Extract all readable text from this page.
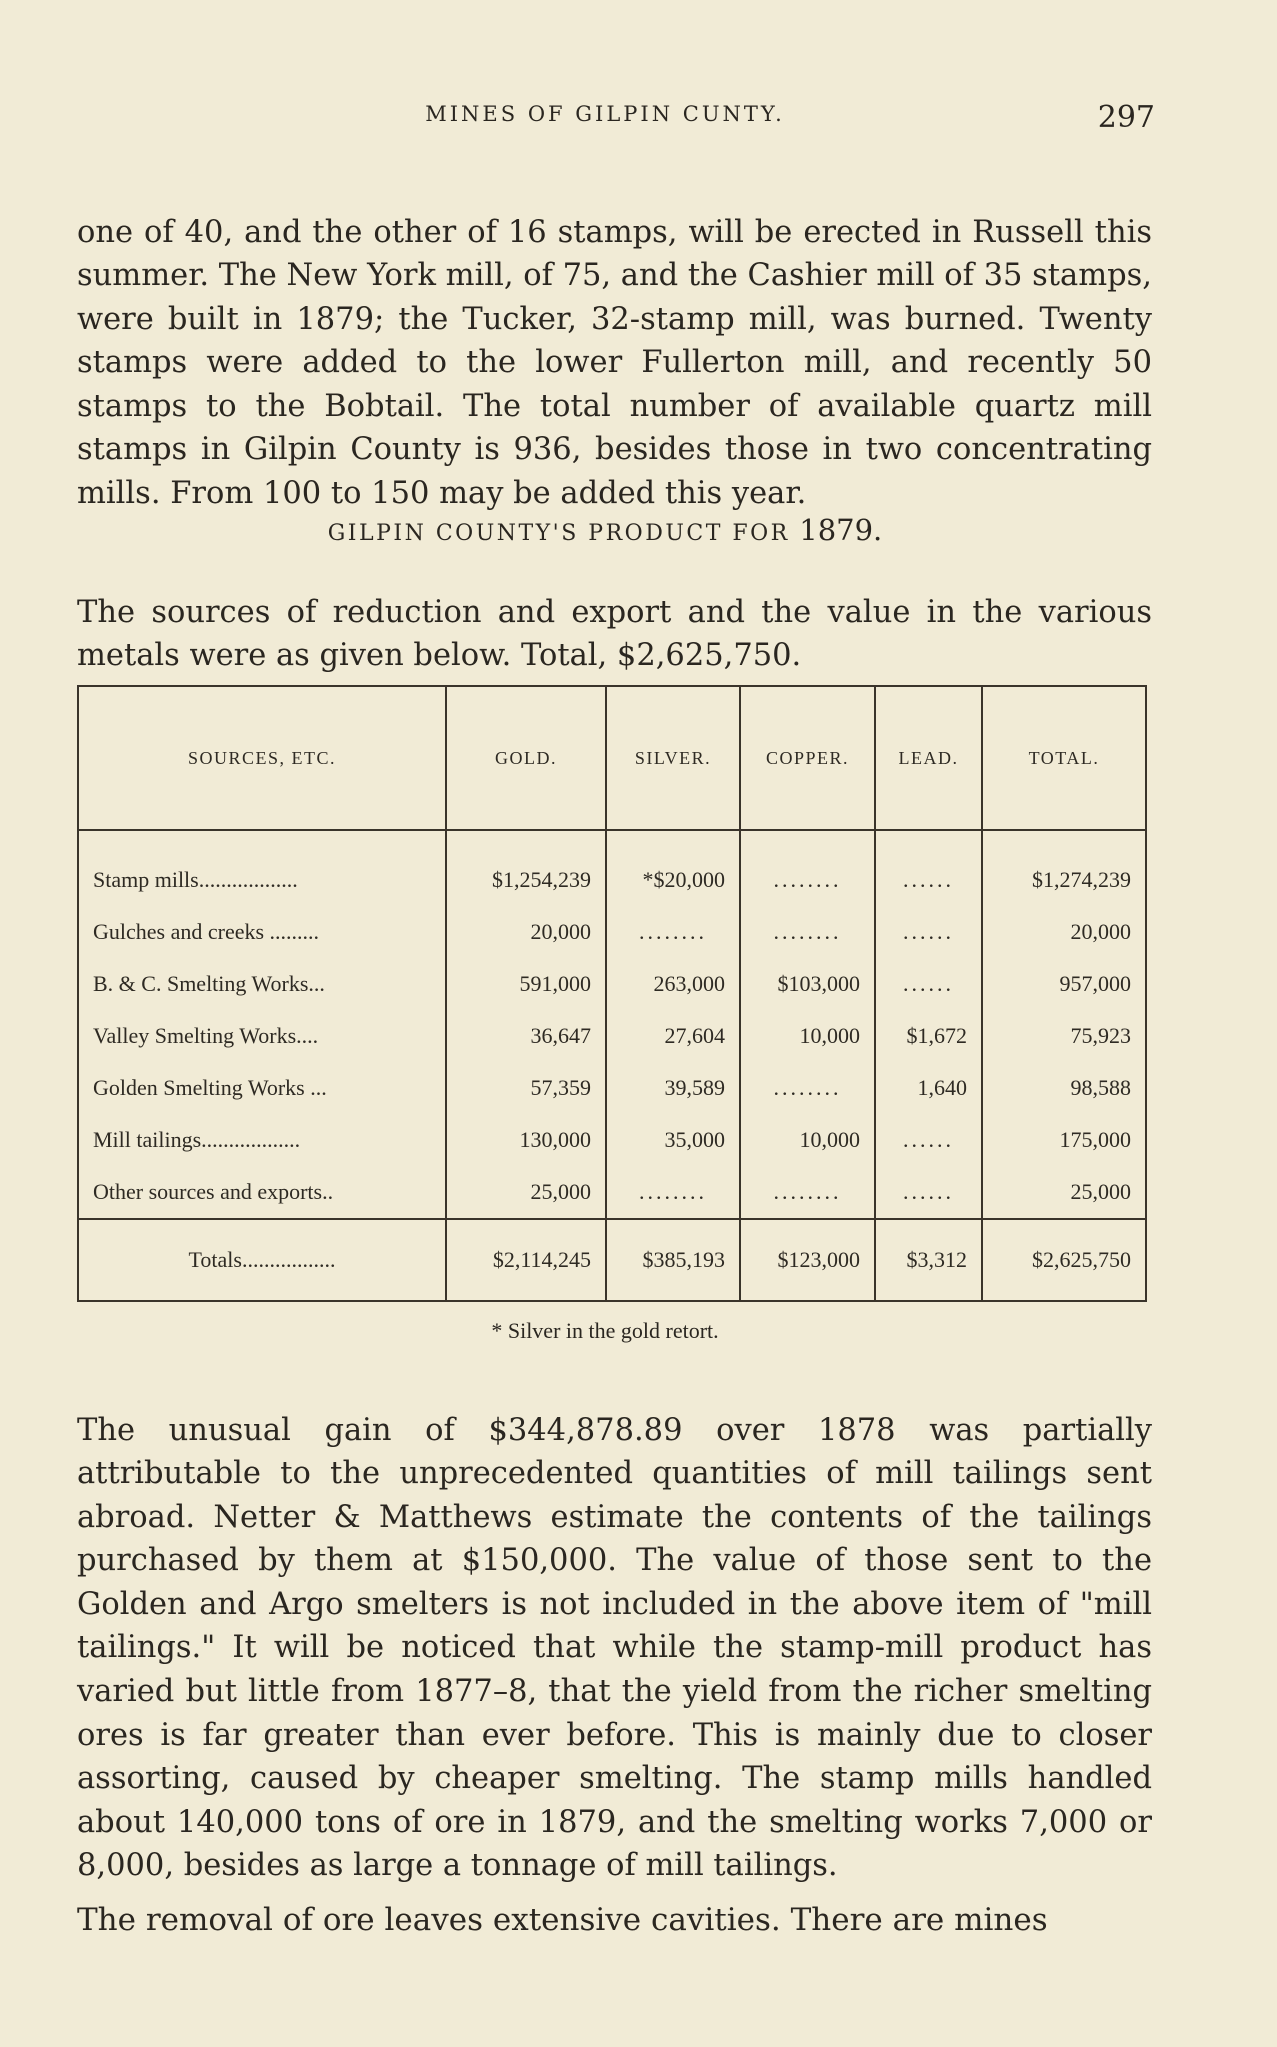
MINES OF GILPIN CUNTY.	297

one of 40, and the other of 16 stamps, will be erected in Russell this summer. The New York mill, of 75, and the Cashier mill of 35 stamps, were built in 1879; the Tucker, 32-stamp mill, was burned. Twenty stamps were added to the lower Fullerton mill, and recently 50 stamps to the Bobtail. The total number of available quartz mill stamps in Gilpin County is 936, besides those in two concentrating mills. From 100 to 150 may be added this year.

GILPIN COUNTY'S PRODUCT FOR 1879.

The sources of reduction and export and the value in the various metals were as given below. Total, $2,625,750.

SOURCES, ETC.	GOLD.	SILVER.	COPPER.	LEAD.	TOTAL.

Stamp mills..................	$1,254,239	*$20,000	........	......	$1,274,239
Gulches and creeks .........	20,000	........	........	......	20,000
B. & C. Smelting Works...	591,000	263,000	$103,000	......	957,000
Valley Smelting Works....	36,647	27,604	10,000	$1,672	75,923
Golden Smelting Works ...	57,359	39,589	........	1,640	98,588
Mill tailings..................	130,000	35,000	10,000	......	175,000
Other sources and exports..	25,000	........	........	......	25,000
Totals.................	$2,114,245	$385,193	$123,000	$3,312	$2,625,750
* Silver in the gold retort.

The unusual gain of $344,878.89 over 1878 was partially attributable to the unprecedented quantities of mill tailings sent abroad. Netter & Matthews estimate the contents of the tailings purchased by them at $150,000. The value of those sent to the Golden and Argo smelters is not included in the above item of "mill tailings." It will be noticed that while the stamp-mill product has varied but little from 1877–8, that the yield from the richer smelting ores is far greater than ever before. This is mainly due to closer assorting, caused by cheaper smelting. The stamp mills handled about 140,000 tons of ore in 1879, and the smelting works 7,000 or 8,000, besides as large a tonnage of mill tailings.

The removal of ore leaves extensive cavities. There are mines
